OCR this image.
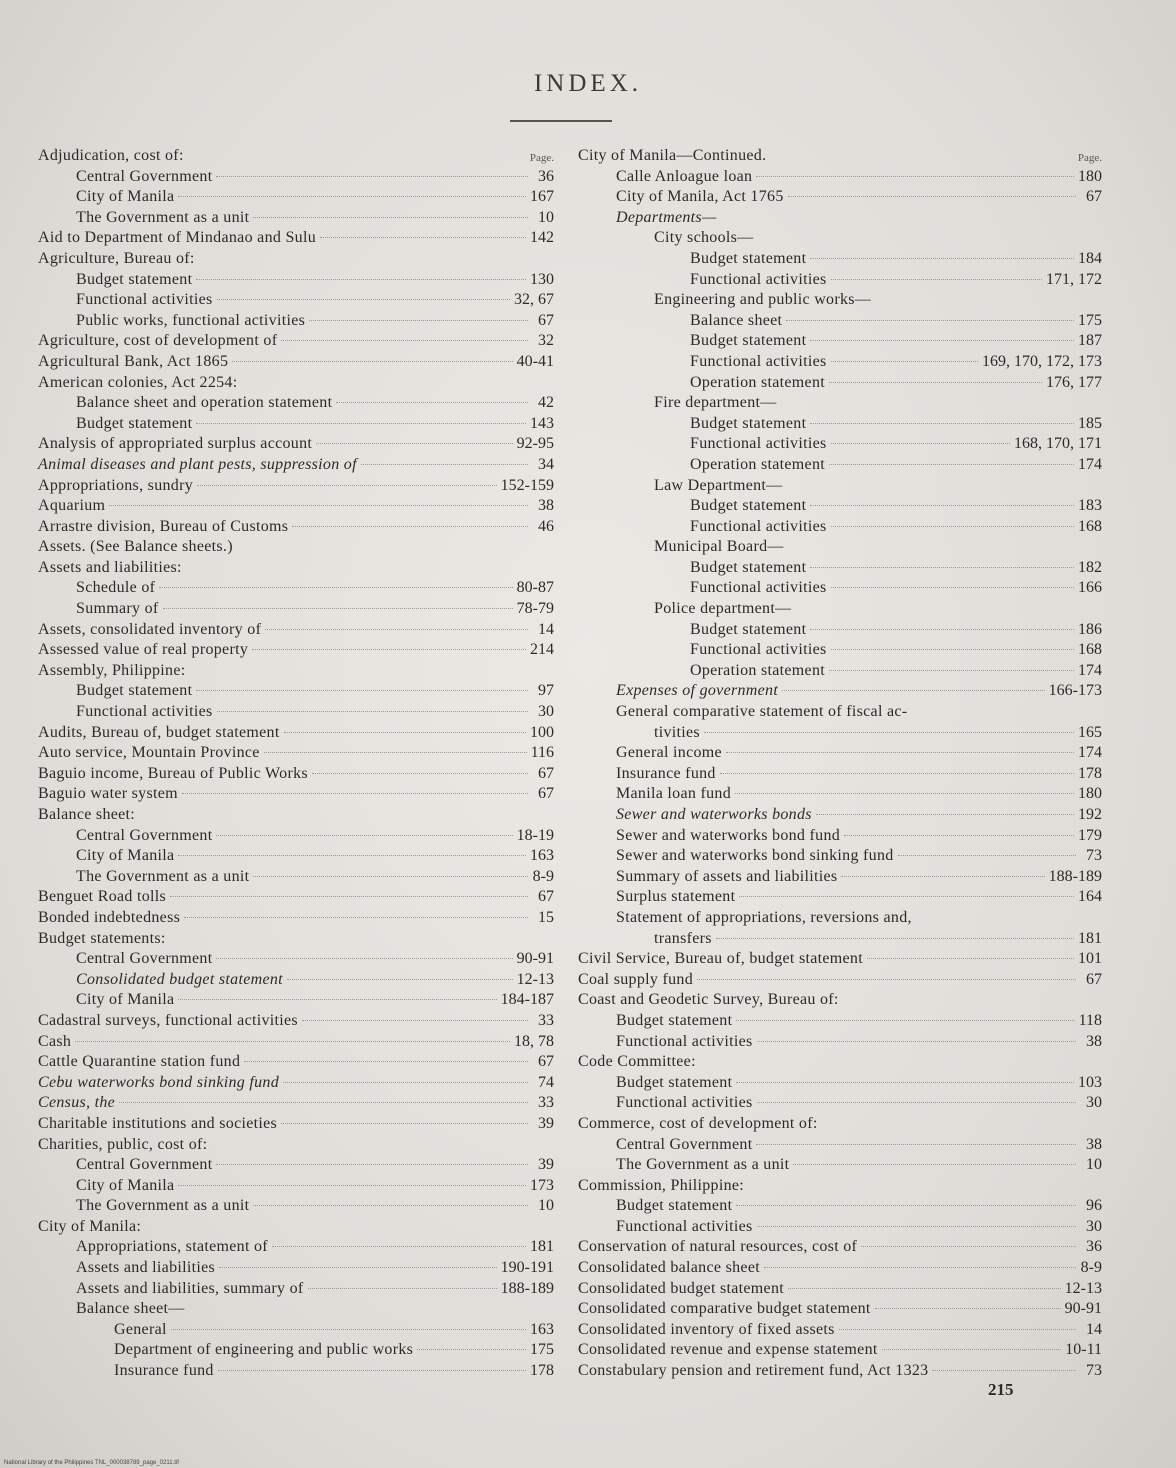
INDEX.
Page.
Adjudication, cost of:
Central Government	36
City of Manila	167
The Government as a unit	10
Aid to Department of Mindanao and Sulu	142
Agriculture, Bureau of:
Budget statement	130
Functional activities	32, 67
Public works, functional activities	67
Agriculture, cost of development of	32
Agricultural Bank, Act 1865	40-41
American colonies, Act 2254:
Balance sheet and operation statement	42
Budget statement	143
Analysis of appropriated surplus account	92-95
Animal diseases and plant pests, suppression of	34
Appropriations, sundry	152-159
Aquarium	38
Arrastre division, Bureau of Customs	46
Assets. (See Balance sheets.)
Assets and liabilities:
Schedule of	80-87
Summary of	78-79
Assets, consolidated inventory of	14
Assessed value of real property	214
Assembly, Philippine:
Budget statement	97
Functional activities	30
Audits, Bureau of, budget statement	100
Auto service, Mountain Province	116
Baguio income, Bureau of Public Works	67
Baguio water system	67
Balance sheet:
Central Government	18-19
City of Manila	163
The Government as a unit	8-9
Benguet Road tolls	67
Bonded indebtedness	15
Budget statements:
Central Government	90-91
Consolidated budget statement	12-13
City of Manila	184-187
Cadastral surveys, functional activities	33
Cash	18, 78
Cattle Quarantine station fund	67
Cebu waterworks bond sinking fund	74
Census, the	33
Charitable institutions and societies	39
Charities, public, cost of:
Central Government	39
City of Manila	173
The Government as a unit	10
City of Manila:
Appropriations, statement of	181
Assets and liabilities	190-191
Assets and liabilities, summary of	188-189
Balance sheet—
General	163
Department of engineering and public works	175
Insurance fund	178
Page.
City of Manila—Continued.
Calle Anloague loan	180
City of Manila, Act 1765	67
Departments—
City schools—
Budget statement	184
Functional activities	171, 172
Engineering and public works—
Balance sheet	175
Budget statement	187
Functional activities	169, 170, 172, 173
Operation statement	176, 177
Fire department—
Budget statement	185
Functional activities	168, 170, 171
Operation statement	174
Law Department—
Budget statement	183
Functional activities	168
Municipal Board—
Budget statement	182
Functional activities	166
Police department—
Budget statement	186
Functional activities	168
Operation statement	174
Expenses of government	166-173
General comparative statement of fiscal ac-
tivities	165
General income	174
Insurance fund	178
Manila loan fund	180
Sewer and waterworks bonds	192
Sewer and waterworks bond fund	179
Sewer and waterworks bond sinking fund	73
Summary of assets and liabilities	188-189
Surplus statement	164
Statement of appropriations, reversions and,
transfers	181
Civil Service, Bureau of, budget statement	101
Coal supply fund	67
Coast and Geodetic Survey, Bureau of:
Budget statement	118
Functional activities	38
Code Committee:
Budget statement	103
Functional activities	30
Commerce, cost of development of:
Central Government	38
The Government as a unit	10
Commission, Philippine:
Budget statement	96
Functional activities	30
Conservation of natural resources, cost of	36
Consolidated balance sheet	8-9
Consolidated budget statement	12-13
Consolidated comparative budget statement	90-91
Consolidated inventory of fixed assets	14
Consolidated revenue and expense statement	10-11
Constabulary pension and retirement fund, Act 1323	73
215
National Library of the Philippines TNL_000038789_page_0211.tif
